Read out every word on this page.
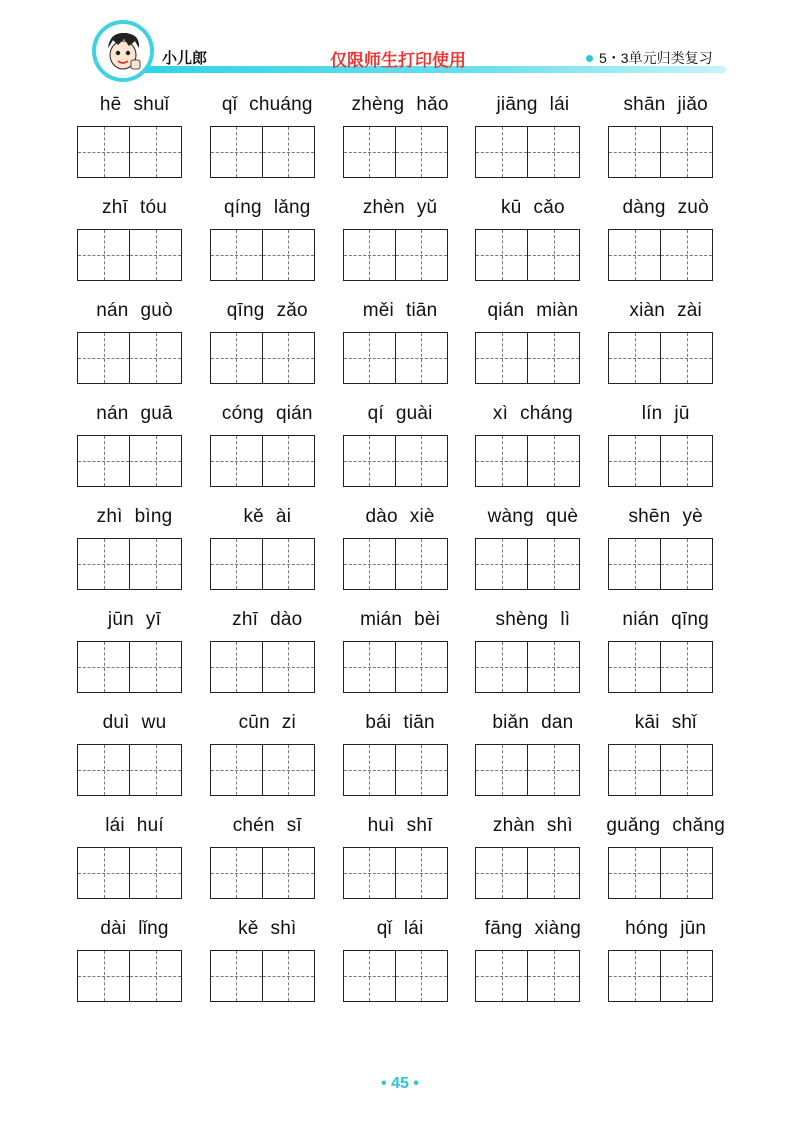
小儿郎	仅限师生打印使用	5・3单元归类复习
hē shuǐ	qǐ chuáng	zhèng hǎo	jiāng lái	shān jiǎo
zhī tóu	qíng lǎng	zhèn yǔ	kū cǎo	dàng zuò
nán guò	qīng zǎo	měi tiān	qián miàn	xiàn zài
nán guā	cóng qián	qí guài	xì cháng	lín jū
zhì bìng	kě ài	dào xiè	wàng què	shēn yè
jūn yī	zhī dào	mián bèi	shèng lì	nián qīng
duì wu	cūn zi	bái tiān	biǎn dan	kāi shǐ
lái huí	chén sī	huì shī	zhàn shì	guǎng chǎng
dài lǐng	kě shì	qǐ lái	fāng xiàng	hóng jūn
• 45 •
